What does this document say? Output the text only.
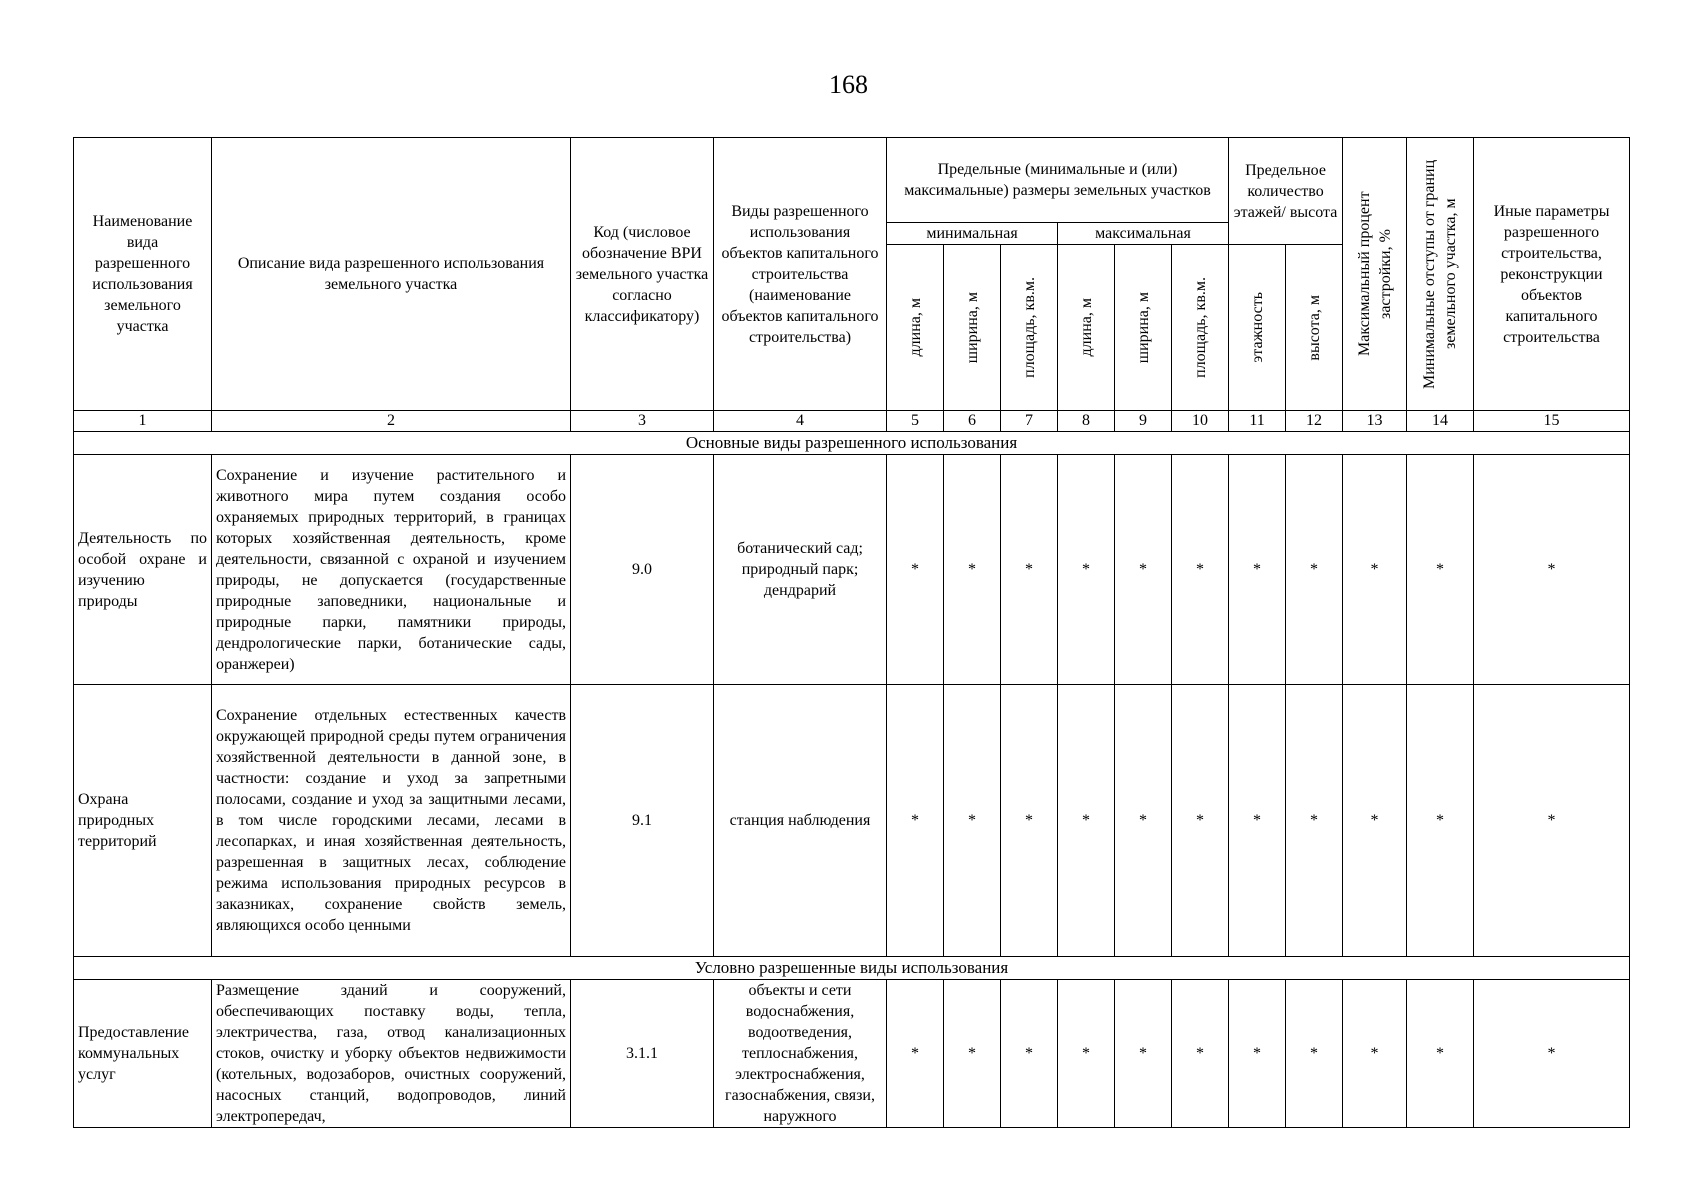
168
Наименование вида разрешенного использования земельного участка	Описание вида разрешенного использования земельного участка	Код (числовое обозначение ВРИ земельного участка согласно классификатору)	Виды разрешенного использования объектов капитального строительства (наименование объектов капитального строительства)	Предельные (минимальные и (или) максимальные) размеры земельных участков						Предельное количество этажей/ высота		Максимальный процент застройки, %	Минимальные отступы от границ земельного участка, м	Иные параметры разрешенного строительства, реконструкции объектов капитального строительства
				минимальная			максимальная							

				длина, м	ширина, м	площадь, кв.м.	длина, м	ширина, м	площадь, кв.м.	этажность	высота, м			

1	2	3	4	5	6	7	8	9	10	11	12	13	14	15
Основные виды разрешенного использования														
Деятельность по особой охране и изучению природы	Сохранение и изучение растительного и животного мира путем создания особо охраняемых природных территорий, в границах которых хозяйственная деятельность, кроме деятельности, связанной с охраной и изучением природы, не допускается (государственные природные заповедники, национальные и природные парки, памятники природы, дендрологические парки, ботанические сады, оранжереи)	9.0	ботанический сад; природный парк; дендрарий	*	*	*	*	*	*	*	*	*	*	*
Охрана природных территорий	Сохранение отдельных естественных качеств окружающей природной среды путем ограничения хозяйственной деятельности в данной зоне, в частности: создание и уход за запретными полосами, создание и уход за защитными лесами, в том числе городскими лесами, лесами в лесопарках, и иная хозяйственная деятельность, разрешенная в защитных лесах, соблюдение режима использования природных ресурсов в заказниках, сохранение свойств земель, являющихся особо ценными	9.1	станция наблюдения	*	*	*	*	*	*	*	*	*	*	*
Условно разрешенные виды использования														
Предоставление коммунальных услуг	Размещение зданий и сооружений, обеспечивающих поставку воды, тепла, электричества, газа, отвод канализационных стоков, очистку и уборку объектов недвижимости (котельных, водозаборов, очистных сооружений, насосных станций, водопроводов, линий электропередач,	3.1.1	объекты и сети водоснабжения, водоотведения, теплоснабжения, электроснабжения, газоснабжения, связи, наружного	*	*	*	*	*	*	*	*	*	*	*
